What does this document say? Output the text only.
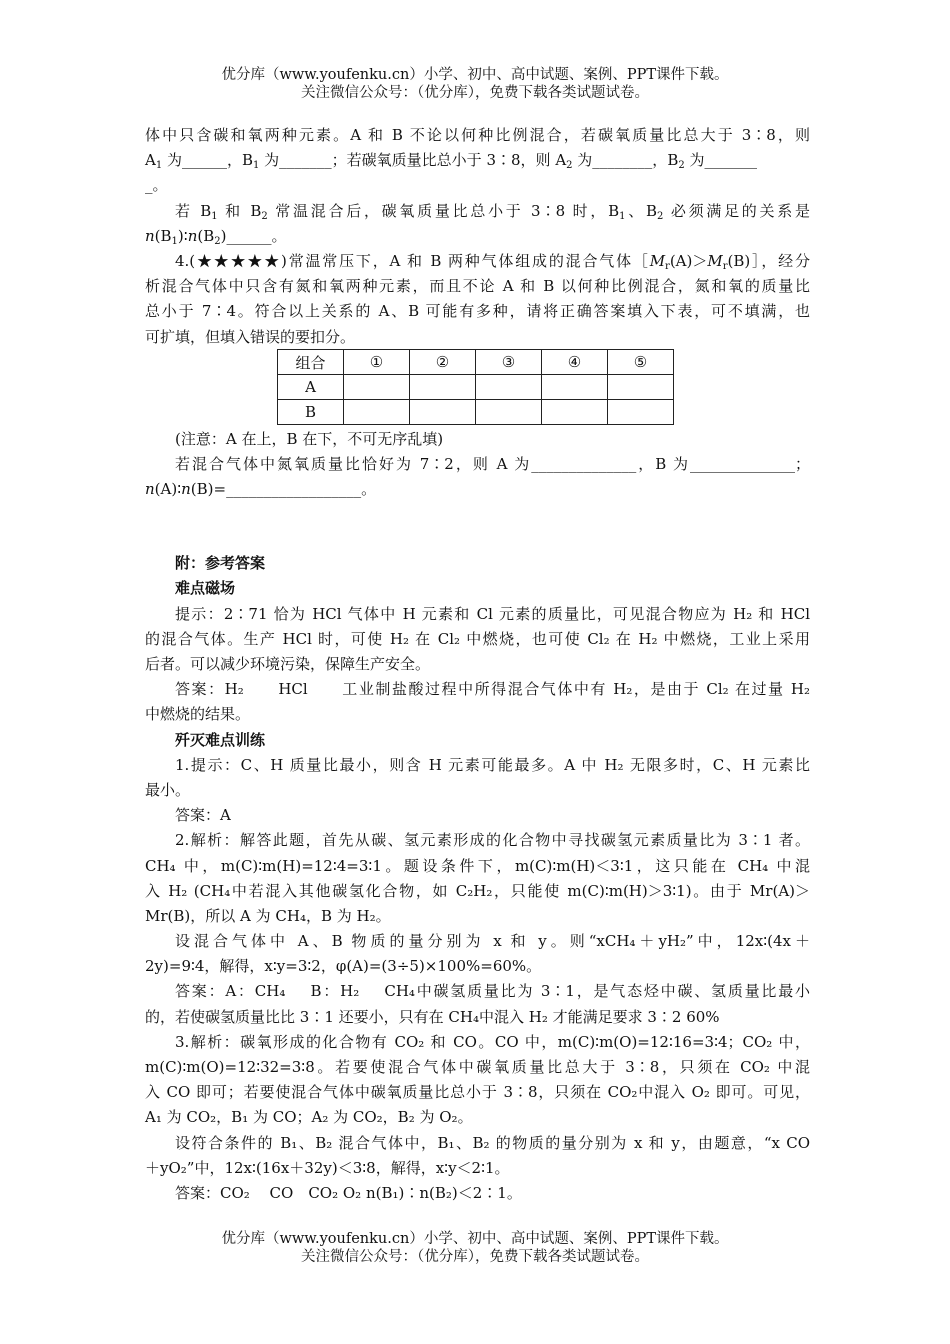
优分库（www.youfenku.cn）小学、初中、高中试题、案例、PPT课件下载。
关注微信公众号：（优分库），免费下载各类试题试卷。
体中只含碳和氧两种元素。A 和 B 不论以何种比例混合，若碳氧质量比总大于 3∶8，则
$A_1$ 为______，$B_1$ 为_______；若碳氧质量比总小于 3∶8，则 $A_2$ 为________，$B_2$ 为_______
_。
若 $B_1$ 和 $B_2$ 常温混合后，碳氧质量比总小于 3∶8 时，$B_1$、$B_2$ 必须满足的关系是
$n(B_1)∶n(B_2)\_\_\_\_\_\_$。
4.(★★★★★)常温常压下，A 和 B 两种气体组成的混合气体$[M_r(A)>M_r(B)]$，经分
析混合气体中只含有氮和氧两种元素，而且不论 A 和 B 以何种比例混合，氮和氧的质量比
总小于 7∶4。符合以上关系的 A、B 可能有多种，请将正确答案填入下表，可不填满，也
可扩填，但填入错误的要扣分。
组合	①	②	③	④	⑤
A					
B					
(注意：A 在上，B 在下，不可无序乱填)
若混合气体中氮氧质量比恰好为 7∶2，则 A 为______________，B 为______________；
n(A)∶n(B)=__________________。
附：参考答案
难点磁场
提示：2∶71 恰为 HCl 气体中 H 元素和 Cl 元素的质量比，可见混合物应为 H₂ 和 HCl
的混合气体。生产 HCl 时，可使 H₂ 在 Cl₂ 中燃烧，也可使 Cl₂ 在 H₂ 中燃烧，工业上采用
后者。可以减少环境污染，保障生产安全。
答案：H₂　　HCl　　工业制盐酸过程中所得混合气体中有 H₂，是由于 Cl₂ 在过量 H₂
中燃烧的结果。
歼灭难点训练
1.提示：C、H 质量比最小，则含 H 元素可能最多。A 中 H₂ 无限多时，C、H 元素比
最小。
答案：A
2.解析：解答此题，首先从碳、氢元素形成的化合物中寻找碳氢元素质量比为 3∶1 者。
CH₄ 中，m(C)∶m(H)=12∶4=3∶1。题设条件下，m(C)∶m(H)＜3∶1，这只能在 CH₄ 中混
入 H₂ (CH₄中若混入其他碳氢化合物，如 C₂H₂，只能使 m(C)∶m(H)＞3∶1)。由于 Mr(A)＞
Mr(B)，所以 A 为 CH₄，B 为 H₂。
设混合气体中 A、B 物质的量分别为 x 和 y。则“xCH₄＋yH₂”中，12x∶(4x＋
2y)=9∶4，解得，x∶y=3∶2，φ(A)=(3÷5)×100%=60%。
答案：A：CH₄　 B：H₂　 CH₄中碳氢质量比为 3∶1，是气态烃中碳、氢质量比最小
的，若使碳氢质量比比 3∶1 还要小，只有在 CH₄中混入 H₂ 才能满足要求 3∶2 60%
3.解析：碳氧形成的化合物有 CO₂ 和 CO。CO 中，m(C)∶m(O)=12∶16=3∶4；CO₂ 中，
m(C)∶m(O)=12∶32=3∶8。若要使混合气体中碳氧质量比总大于 3∶8，只须在 CO₂ 中混
入 CO 即可；若要使混合气体中碳氧质量比总小于 3∶8，只须在 CO₂中混入 O₂ 即可。可见，
A₁ 为 CO₂，B₁ 为 CO；A₂ 为 CO₂，B₂ 为 O₂。
设符合条件的 B₁、B₂ 混合气体中，B₁、B₂ 的物质的量分别为 x 和 y，由题意，“x CO
＋yO₂”中，12x∶(16x＋32y)＜3∶8，解得，x∶y＜2∶1。
答案：CO₂　 CO　CO₂ O₂ n(B₁)∶n(B₂)＜2∶1。
优分库（www.youfenku.cn）小学、初中、高中试题、案例、PPT课件下载。
关注微信公众号：（优分库），免费下载各类试题试卷。
